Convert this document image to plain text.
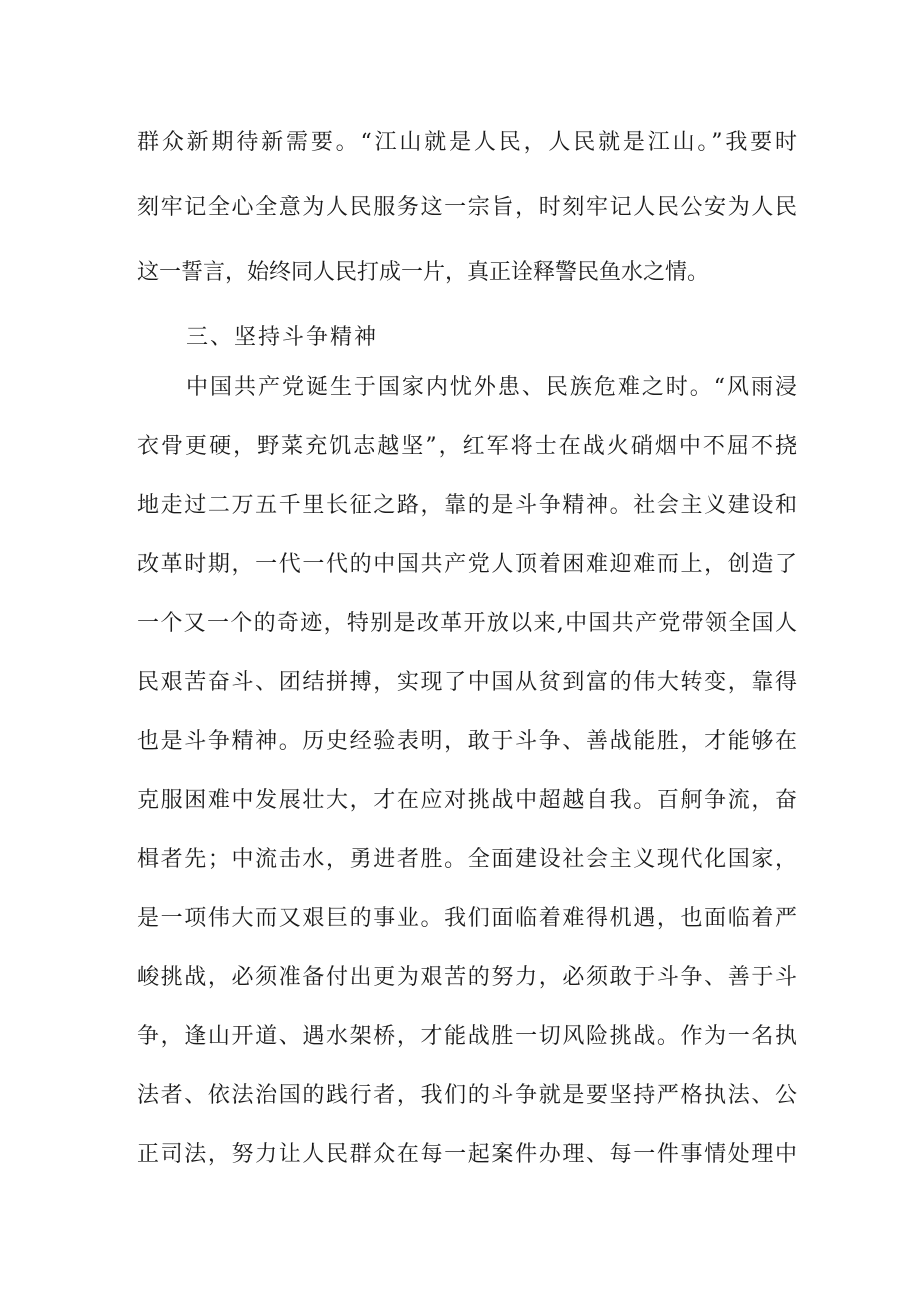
群众新期待新需要。“江山就是人民，人民就是江山。”我要时
刻牢记全心全意为人民服务这一宗旨，时刻牢记人民公安为人民
这一誓言，始终同人民打成一片，真正诠释警民鱼水之情。
三、坚持斗争精神
中国共产党诞生于国家内忧外患、民族危难之时。“风雨浸
衣骨更硬，野菜充饥志越坚”，红军将士在战火硝烟中不屈不挠
地走过二万五千里长征之路，靠的是斗争精神。社会主义建设和
改革时期，一代一代的中国共产党人顶着困难迎难而上，创造了
一个又一个的奇迹，特别是改革开放以来,中国共产党带领全国人
民艰苦奋斗、团结拼搏，实现了中国从贫到富的伟大转变，靠得
也是斗争精神。历史经验表明，敢于斗争、善战能胜，才能够在
克服困难中发展壮大，才在应对挑战中超越自我。百舸争流，奋
楫者先；中流击水，勇进者胜。全面建设社会主义现代化国家，
是一项伟大而又艰巨的事业。我们面临着难得机遇，也面临着严
峻挑战，必须准备付出更为艰苦的努力，必须敢于斗争、善于斗
争，逢山开道、遇水架桥，才能战胜一切风险挑战。作为一名执
法者、依法治国的践行者，我们的斗争就是要坚持严格执法、公
正司法，努力让人民群众在每一起案件办理、每一件事情处理中
